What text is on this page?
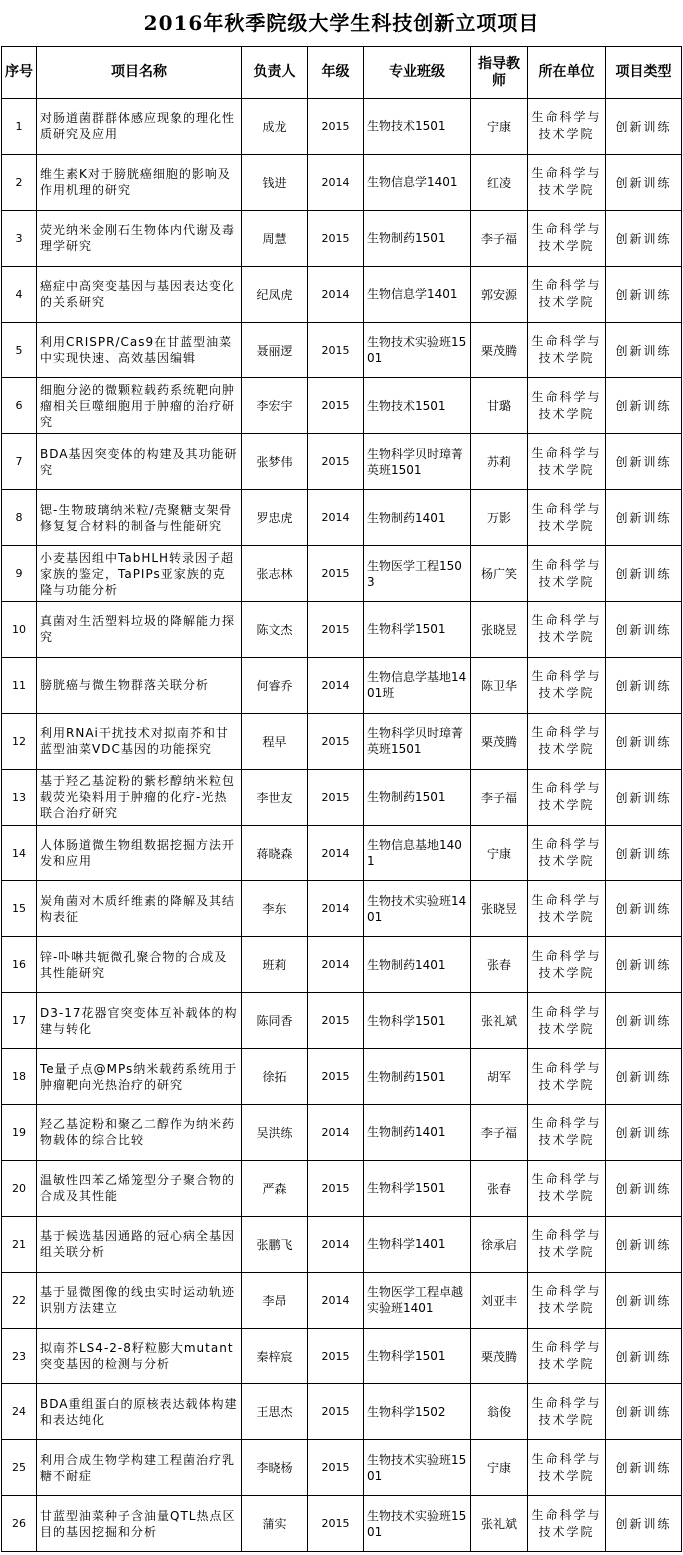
2016年秋季院级大学生科技创新立项项目
序号	项目名称	负责人	年级	专业班级	指导教师	所在单位	项目类型
1	对肠道菌群群体感应现象的理化性质研究及应用	成龙	2015	生物技术1501	宁康	生命科学与技术学院	创新训练
2	维生素K对于膀胱癌细胞的影响及作用机理的研究	钱进	2014	生物信息学1401	红凌	生命科学与技术学院	创新训练
3	荧光纳米金刚石生物体内代谢及毒理学研究	周慧	2015	生物制药1501	李子福	生命科学与技术学院	创新训练
4	癌症中高突变基因与基因表达变化的关系研究	纪凤虎	2014	生物信息学1401	郭安源	生命科学与技术学院	创新训练
5	利用CRISPR/Cas9在甘蓝型油菜中实现快速、高效基因编辑	聂丽逻	2015	生物技术实验班1501	栗茂腾	生命科学与技术学院	创新训练
6	细胞分泌的微颗粒载药系统靶向肿瘤相关巨噬细胞用于肿瘤的治疗研究	李宏宇	2015	生物技术1501	甘璐	生命科学与技术学院	创新训练
7	BDA基因突变体的构建及其功能研究	张梦伟	2015	生物科学贝时璋菁英班1501	苏莉	生命科学与技术学院	创新训练
8	锶-生物玻璃纳米粒/壳聚糖支架骨修复复合材料的制备与性能研究	罗忠虎	2014	生物制药1401	万影	生命科学与技术学院	创新训练
9	小麦基因组中TabHLH转录因子超家族的鉴定，TaPIPs亚家族的克隆与功能分析	张志林	2015	生物医学工程1503	杨广笑	生命科学与技术学院	创新训练
10	真菌对生活塑料垃圾的降解能力探究	陈文杰	2015	生物科学1501	张晓昱	生命科学与技术学院	创新训练
11	膀胱癌与微生物群落关联分析	何睿乔	2014	生物信息学基地1401班	陈卫华	生命科学与技术学院	创新训练
12	利用RNAi干扰技术对拟南芥和甘蓝型油菜VDC基因的功能探究	程早	2015	生物科学贝时璋菁英班1501	栗茂腾	生命科学与技术学院	创新训练
13	基于羟乙基淀粉的紫杉醇纳米粒包载荧光染料用于肿瘤的化疗-光热联合治疗研究	李世友	2015	生物制药1501	李子福	生命科学与技术学院	创新训练
14	人体肠道微生物组数据挖掘方法开发和应用	蒋晓森	2014	生物信息基地1401	宁康	生命科学与技术学院	创新训练
15	炭角菌对木质纤维素的降解及其结构表征	李东	2014	生物技术实验班1401	张晓昱	生命科学与技术学院	创新训练
16	锌-卟啉共轭微孔聚合物的合成及其性能研究	班莉	2014	生物制药1401	张春	生命科学与技术学院	创新训练
17	D3-17花器官突变体互补载体的构建与转化	陈同香	2015	生物科学1501	张礼斌	生命科学与技术学院	创新训练
18	Te量子点@MPs纳米载药系统用于肿瘤靶向光热治疗的研究	徐拓	2015	生物制药1501	胡军	生命科学与技术学院	创新训练
19	羟乙基淀粉和聚乙二醇作为纳米药物载体的综合比较	吴洪练	2014	生物制药1401	李子福	生命科学与技术学院	创新训练
20	温敏性四苯乙烯笼型分子聚合物的合成及其性能	严森	2015	生物科学1501	张春	生命科学与技术学院	创新训练
21	基于候选基因通路的冠心病全基因组关联分析	张鹏飞	2014	生物科学1401	徐承启	生命科学与技术学院	创新训练
22	基于显微图像的线虫实时运动轨迹识别方法建立	李昂	2014	生物医学工程卓越实验班1401	刘亚丰	生命科学与技术学院	创新训练
23	拟南芥LS4-2-8籽粒膨大mutant突变基因的检测与分析	秦梓宸	2015	生物科学1501	栗茂腾	生命科学与技术学院	创新训练
24	BDA重组蛋白的原核表达载体构建和表达纯化	王思杰	2015	生物科学1502	翁俊	生命科学与技术学院	创新训练
25	利用合成生物学构建工程菌治疗乳糖不耐症	李晓杨	2015	生物技术实验班1501	宁康	生命科学与技术学院	创新训练
26	甘蓝型油菜种子含油量QTL热点区目的基因挖掘和分析	蒲实	2015	生物技术实验班1501	张礼斌	生命科学与技术学院	创新训练
